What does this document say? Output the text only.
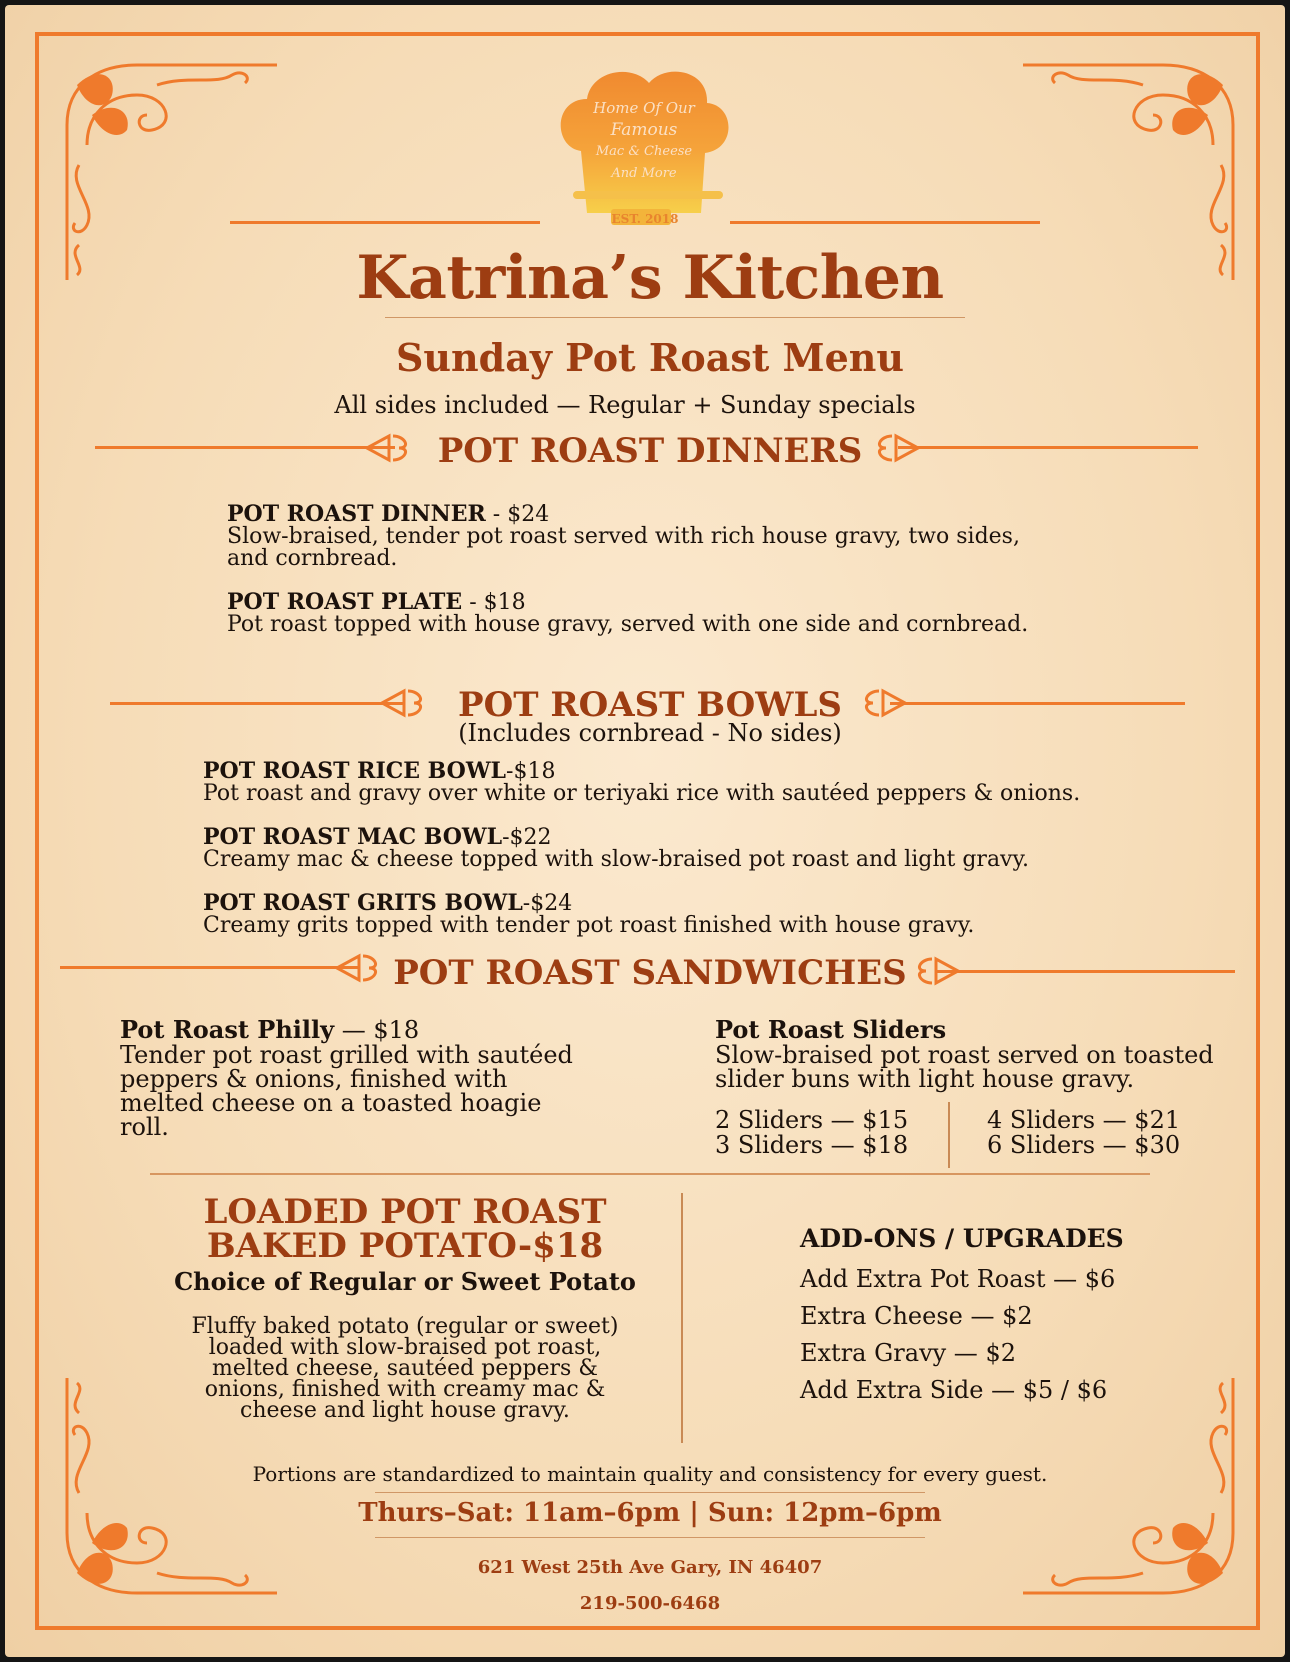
Home Of Our
Famous
Mac & Cheese
And More
EST. 2018
Katrina’s Kitchen
Sunday Pot Roast Menu
All sides included — Regular + Sunday specials
POT ROAST DINNERS
POT ROAST DINNER - $24
Slow-braised, tender pot roast served with rich house gravy, two sides,
and cornbread.
POT ROAST PLATE - $18
Pot roast topped with house gravy, served with one side and cornbread.
POT ROAST BOWLS
(Includes cornbread - No sides)
POT ROAST RICE BOWL-$18
Pot roast and gravy over white or teriyaki rice with sautéed peppers & onions.
POT ROAST MAC BOWL-$22
Creamy mac & cheese topped with slow-braised pot roast and light gravy.
POT ROAST GRITS BOWL-$24
Creamy grits topped with tender pot roast finished with house gravy.
POT ROAST SANDWICHES
Pot Roast Philly — $18
Tender pot roast grilled with sautéed
peppers & onions, finished with
melted cheese on a toasted hoagie
roll.
Pot Roast Sliders
Slow-braised pot roast served on toasted
slider buns with light house gravy.
2 Sliders — $15
3 Sliders — $18
4 Sliders — $21
6 Sliders — $30
LOADED POT ROAST
BAKED POTATO-$18
Choice of Regular or Sweet Potato
Fluffy baked potato (regular or sweet)
loaded with slow-braised pot roast,
melted cheese, sautéed peppers &
onions, finished with creamy mac &
cheese and light house gravy.
ADD-ONS / UPGRADES
Add Extra Pot Roast — $6
Extra Cheese — $2
Extra Gravy — $2
Add Extra Side — $5 / $6
Portions are standardized to maintain quality and consistency for every guest.
Thurs–Sat: 11am–6pm | Sun: 12pm–6pm
621 West 25th Ave Gary, IN 46407
219-500-6468
